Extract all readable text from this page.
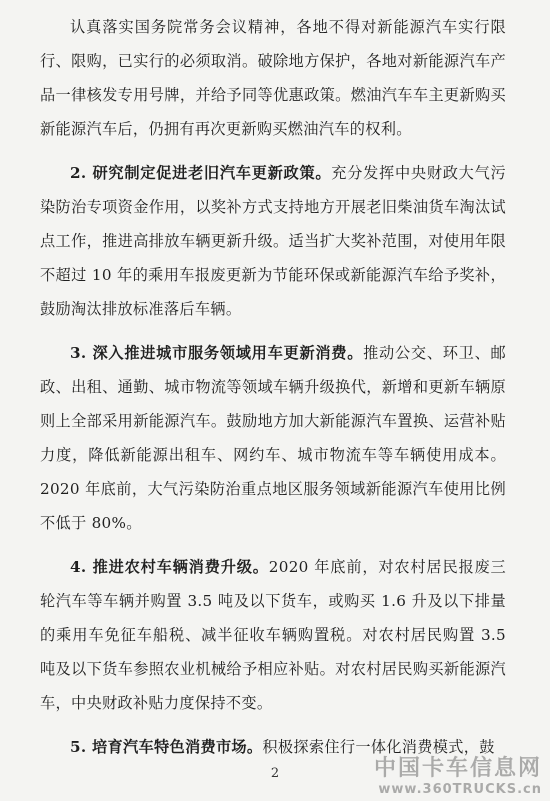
认真落实国务院常务会议精神，各地不得对新能源汽车实行限行、限购，已实行的必须取消。破除地方保护，各地对新能源汽车产品一律核发专用号牌，并给予同等优惠政策。燃油汽车车主更新购买新能源汽车后，仍拥有再次更新购买燃油汽车的权利。

2. 研究制定促进老旧汽车更新政策。充分发挥中央财政大气污染防治专项资金作用，以奖补方式支持地方开展老旧柴油货车淘汰试点工作，推进高排放车辆更新升级。适当扩大奖补范围，对使用年限不超过 10 年的乘用车报废更新为节能环保或新能源汽车给予奖补，鼓励淘汰排放标准落后车辆。

3. 深入推进城市服务领域用车更新消费。推动公交、环卫、邮政、出租、通勤、城市物流等领域车辆升级换代，新增和更新车辆原则上全部采用新能源汽车。鼓励地方加大新能源汽车置换、运营补贴力度，降低新能源出租车、网约车、城市物流车等车辆使用成本。2020 年底前，大气污染防治重点地区服务领域新能源汽车使用比例不低于 80%。

4. 推进农村车辆消费升级。2020 年底前，对农村居民报废三轮汽车等车辆并购置 3.5 吨及以下货车，或购买 1.6 升及以下排量的乘用车免征车船税、减半征收车辆购置税。对农村居民购置 3.5 吨及以下货车参照农业机械给予相应补贴。对农村居民购买新能源汽车，中央财政补贴力度保持不变。

5. 培育汽车特色消费市场。积极探索住行一体化消费模式，鼓

2	中国卡车信息网
www.360TRUCKS.cn
